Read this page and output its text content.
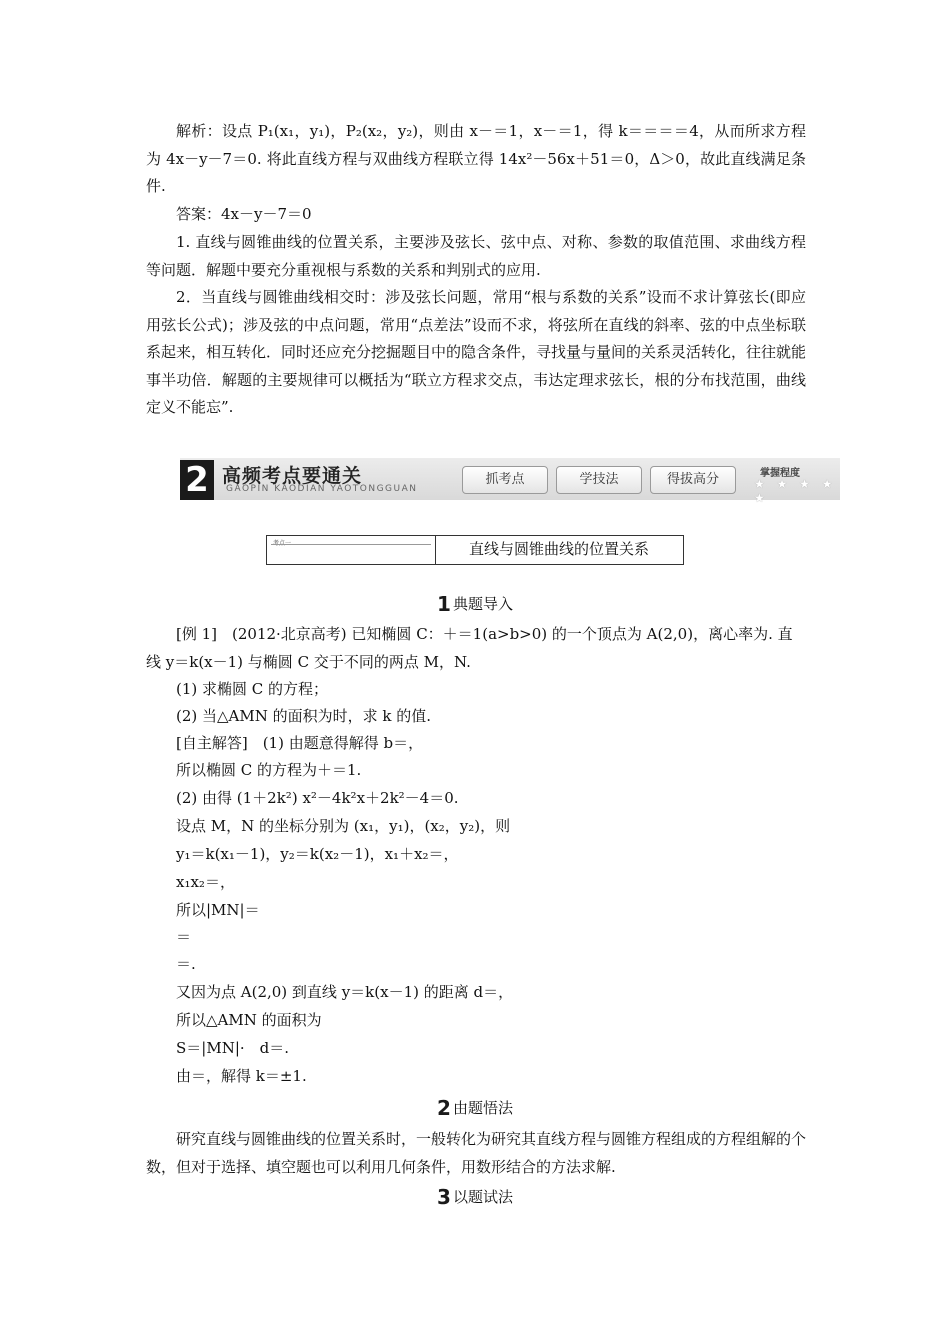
解析：设点 P₁(x₁，y₁)，P₂(x₂，y₂)，则由 x－＝1，x－＝1，得 k＝＝＝＝4，从而所求方程为 4x－y－7＝0. 将此直线方程与双曲线方程联立得 14x²－56x＋51＝0，Δ＞0，故此直线满足条件.

答案：4x－y－7＝0

1. 直线与圆锥曲线的位置关系，主要涉及弦长、弦中点、对称、参数的取值范围、求曲线方程等问题．解题中要充分重视根与系数的关系和判别式的应用.

2．当直线与圆锥曲线相交时：涉及弦长问题，常用“根与系数的关系”设而不求计算弦长(即应用弦长公式)；涉及弦的中点问题，常用“点差法”设而不求，将弦所在直线的斜率、弦的中点坐标联系起来，相互转化．同时还应充分挖掘题目中的隐含条件，寻找量与量间的关系灵活转化，往往就能事半功倍．解题的主要规律可以概括为“联立方程求交点，韦达定理求弦长，根的分布找范围，曲线定义不能忘”.

2 高频考点要通关
GAOPIN KAODIAN YAOTONGGUAN
抓考点	学技法	得拔高分	掌握程度
★ ★ ★ ★ ★
考点一	直线与圆锥曲线的位置关系
1 典题导入

[例 1]　(2012·北京高考) 已知椭圆 C：＋＝1(a>b>0) 的一个顶点为 A(2,0)，离心率为. 直线 y＝k(x－1) 与椭圆 C 交于不同的两点 M，N.

(1) 求椭圆 C 的方程；

(2) 当△AMN 的面积为时，求 k 的值.

[自主解答]　(1) 由题意得解得 b＝，

所以椭圆 C 的方程为＋＝1.

(2) 由得 (1＋2k²) x²－4k²x＋2k²－4＝0.

设点 M，N 的坐标分别为 (x₁，y₁)，(x₂，y₂)，则

y₁＝k(x₁－1)，y₂＝k(x₂－1)，x₁＋x₂＝，

x₁x₂＝，

所以|MN|＝

＝

＝.

又因为点 A(2,0) 到直线 y＝k(x－1) 的距离 d＝，

所以△AMN 的面积为

S＝|MN|·　d＝.

由＝，解得 k＝±1.

2 由题悟法

研究直线与圆锥曲线的位置关系时，一般转化为研究其直线方程与圆锥方程组成的方程组解的个数，但对于选择、填空题也可以利用几何条件，用数形结合的方法求解.

3 以题试法
